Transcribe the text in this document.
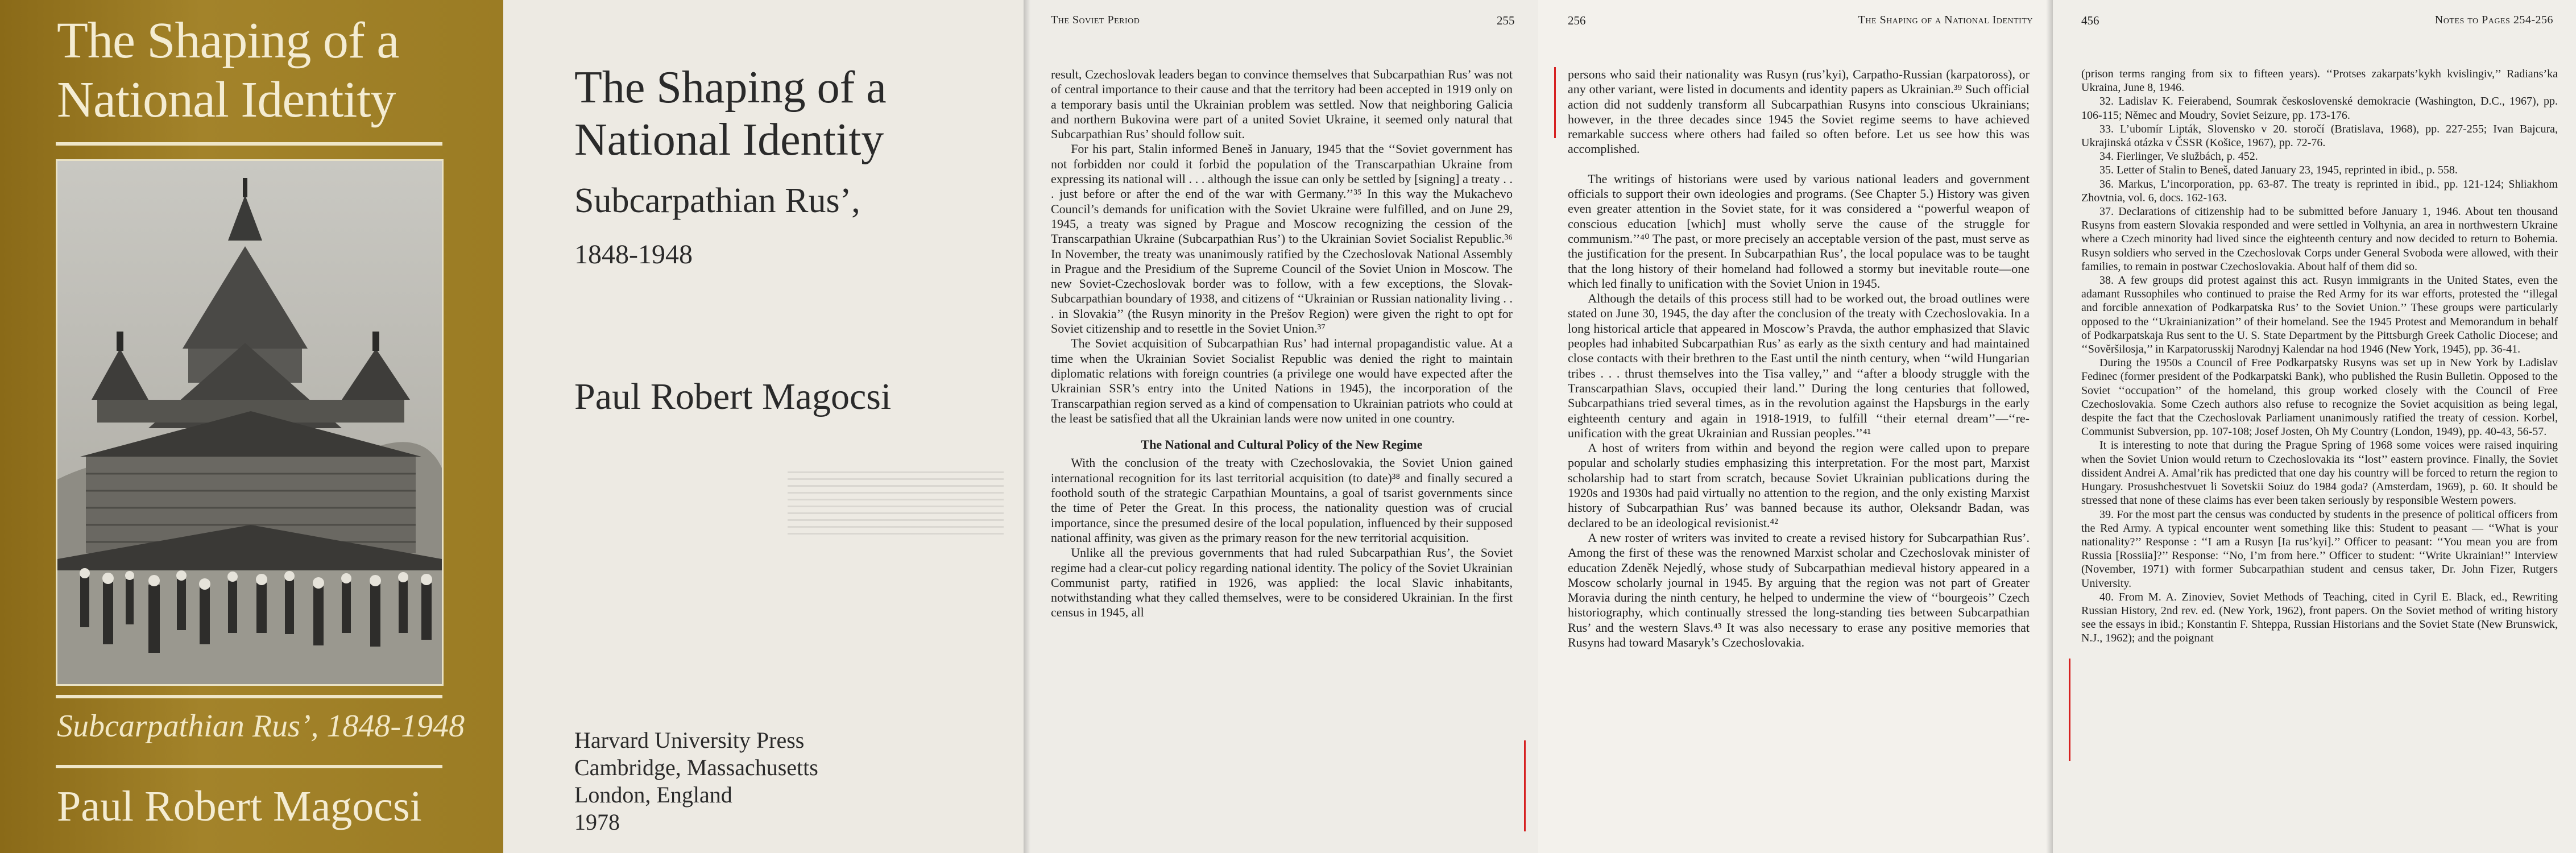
The Shaping of a National Identity
Subcarpathian Rus’, 1848-1948
Paul Robert Magocsi
The Shaping of a National Identity
Subcarpathian Rus’,
1848-1948
Paul Robert Magocsi
Harvard University Press
Cambridge, Massachusetts
London, England
1978
The Soviet Period	255

result, Czechoslovak leaders began to convince themselves that Subcarpathian Rus’ was not of central importance to their cause and that the territory had been accepted in 1919 only on a temporary basis until the Ukrainian problem was settled. Now that neighboring Galicia and northern Bukovina were part of a united Soviet Ukraine, it seemed only natural that Subcarpathian Rus’ should follow suit.

For his part, Stalin informed Beneš in January, 1945 that the ‘‘Soviet government has not forbidden nor could it forbid the population of the Transcarpathian Ukraine from expressing its national will . . . although the issue can only be settled by [signing] a treaty . . . just before or after the end of the war with Germany.’’³⁵ In this way the Mukachevo Council’s demands for unification with the Soviet Ukraine were fulfilled, and on June 29, 1945, a treaty was signed by Prague and Moscow recognizing the cession of the Transcarpathian Ukraine (Subcarpathian Rus’) to the Ukrainian Soviet Socialist Republic.³⁶ In November, the treaty was unanimously ratified by the Czechoslovak National Assembly in Prague and the Presidium of the Supreme Council of the Soviet Union in Moscow. The new Soviet-Czechoslovak border was to follow, with a few exceptions, the Slovak-Subcarpathian boundary of 1938, and citizens of ‘‘Ukrainian or Russian nationality living . . . in Slovakia’’ (the Rusyn minority in the Prešov Region) were given the right to opt for Soviet citizenship and to resettle in the Soviet Union.³⁷

The Soviet acquisition of Subcarpathian Rus’ had internal propagandistic value. At a time when the Ukrainian Soviet Socialist Republic was denied the right to maintain diplomatic relations with foreign countries (a privilege one would have expected after the Ukrainian SSR’s entry into the United Nations in 1945), the incorporation of the Transcarpathian region served as a kind of compensation to Ukrainian patriots who could at the least be satisfied that all the Ukrainian lands were now united in one country.

The National and Cultural Policy of the New Regime

With the conclusion of the treaty with Czechoslovakia, the Soviet Union gained international recognition for its last territorial acquisition (to date)³⁸ and finally secured a foothold south of the strategic Carpathian Mountains, a goal of tsarist governments since the time of Peter the Great. In this process, the nationality question was of crucial importance, since the presumed desire of the local population, influenced by their supposed national affinity, was given as the primary reason for the new territorial acquisition.

Unlike all the previous governments that had ruled Subcarpathian Rus’, the Soviet regime had a clear-cut policy regarding national identity. The policy of the Soviet Ukrainian Communist party, ratified in 1926, was applied: the local Slavic inhabitants, notwithstanding what they called themselves, were to be considered Ukrainian. In the first census in 1945, all

256	The Shaping of a National Identity

persons who said their nationality was Rusyn (rus’kyi), Carpatho-Russian (karpatoross), or any other variant, were listed in documents and identity papers as Ukrainian.³⁹ Such official action did not suddenly transform all Subcarpathian Rusyns into conscious Ukrainians; however, in the three decades since 1945 the Soviet regime seems to have achieved remarkable success where others had failed so often before. Let us see how this was accomplished.

The writings of historians were used by various national leaders and government officials to support their own ideologies and programs. (See Chapter 5.) History was given even greater attention in the Soviet state, for it was considered a ‘‘powerful weapon of conscious education [which] must wholly serve the cause of the struggle for communism.’’⁴⁰ The past, or more precisely an acceptable version of the past, must serve as the justification for the present. In Subcarpathian Rus’, the local populace was to be taught that the long history of their homeland had followed a stormy but inevitable route—one which led finally to unification with the Soviet Union in 1945.

Although the details of this process still had to be worked out, the broad outlines were stated on June 30, 1945, the day after the conclusion of the treaty with Czechoslovakia. In a long historical article that appeared in Moscow’s Pravda, the author emphasized that Slavic peoples had inhabited Subcarpathian Rus’ as early as the sixth century and had maintained close contacts with their brethren to the East until the ninth century, when ‘‘wild Hungarian tribes . . . thrust themselves into the Tisa valley,’’ and ‘‘after a bloody struggle with the Transcarpathian Slavs, occupied their land.’’ During the long centuries that followed, Subcarpathians tried several times, as in the revolution against the Hapsburgs in the early eighteenth century and again in 1918-1919, to fulfill ‘‘their eternal dream’’—‘‘re-unification with the great Ukrainian and Russian peoples.’’⁴¹

A host of writers from within and beyond the region were called upon to prepare popular and scholarly studies emphasizing this interpretation. For the most part, Marxist scholarship had to start from scratch, because Soviet Ukrainian publications during the 1920s and 1930s had paid virtually no attention to the region, and the only existing Marxist history of Subcarpathian Rus’ was banned because its author, Oleksandr Badan, was declared to be an ideological revisionist.⁴²

A new roster of writers was invited to create a revised history for Subcarpathian Rus’. Among the first of these was the renowned Marxist scholar and Czechoslovak minister of education Zdeněk Nejedlý, whose study of Subcarpathian medieval history appeared in a Moscow scholarly journal in 1945. By arguing that the region was not part of Greater Moravia during the ninth century, he helped to undermine the view of ‘‘bourgeois’’ Czech historiography, which continually stressed the long-standing ties between Subcarpathian Rus’ and the western Slavs.⁴³ It was also necessary to erase any positive memories that Rusyns had toward Masaryk’s Czechoslovakia.

456	Notes to Pages 254-256

(prison terms ranging from six to fifteen years). ‘‘Protses zakarpats’kykh kvislingiv,’’ Radians’ka Ukraina, June 8, 1946.

32. Ladislav K. Feierabend, Soumrak československé demokracie (Washington, D.C., 1967), pp. 106-115; Němec and Moudry, Soviet Seizure, pp. 173-176.

33. L’ubomír Lipták, Slovensko v 20. storočí (Bratislava, 1968), pp. 227-255; Ivan Bajcura, Ukrajinská otázka v ČSSR (Košice, 1967), pp. 72-76.

34. Fierlinger, Ve službách, p. 452.

35. Letter of Stalin to Beneš, dated January 23, 1945, reprinted in ibid., p. 558.

36. Markus, L’incorporation, pp. 63-87. The treaty is reprinted in ibid., pp. 121-124; Shliakhom Zhovtnia, vol. 6, docs. 162-163.

37. Declarations of citizenship had to be submitted before January 1, 1946. About ten thousand Rusyns from eastern Slovakia responded and were settled in Volhynia, an area in northwestern Ukraine where a Czech minority had lived since the eighteenth century and now decided to return to Bohemia. Rusyn soldiers who served in the Czechoslovak Corps under General Svoboda were allowed, with their families, to remain in postwar Czechoslovakia. About half of them did so.

38. A few groups did protest against this act. Rusyn immigrants in the United States, even the adamant Russophiles who continued to praise the Red Army for its war efforts, protested the ‘‘illegal and forcible annexation of Podkarpatska Rus’ to the Soviet Union.’’ These groups were particularly opposed to the ‘‘Ukrainianization’’ of their homeland. See the 1945 Protest and Memorandum in behalf of Podkarpatskaja Rus sent to the U. S. State Department by the Pittsburgh Greek Catholic Diocese; and ‘‘Sověršilosja,’’ in Karpatorusskij Narodnyj Kalendar na hod 1946 (New York, 1945), pp. 36-41.

During the 1950s a Council of Free Podkarpatsky Rusyns was set up in New York by Ladislav Fedinec (former president of the Podkarpatski Bank), who published the Rusin Bulletin. Opposed to the Soviet ‘‘occupation’’ of the homeland, this group worked closely with the Council of Free Czechoslovakia. Some Czech authors also refuse to recognize the Soviet acquisition as being legal, despite the fact that the Czechoslovak Parliament unanimously ratified the treaty of cession. Korbel, Communist Subversion, pp. 107-108; Josef Josten, Oh My Country (London, 1949), pp. 40-43, 56-57.

It is interesting to note that during the Prague Spring of 1968 some voices were raised inquiring when the Soviet Union would return to Czechoslovakia its ‘‘lost’’ eastern province. Finally, the Soviet dissident Andrei A. Amal’rik has predicted that one day his country will be forced to return the region to Hungary. Prosushchestvuet li Sovetskii Soiuz do 1984 goda? (Amsterdam, 1969), p. 60. It should be stressed that none of these claims has ever been taken seriously by responsible Western powers.

39. For the most part the census was conducted by students in the presence of political officers from the Red Army. A typical encounter went something like this: Student to peasant — ‘‘What is your nationality?’’ Response : ‘‘I am a Rusyn [Ia rus’kyi].’’ Officer to peasant: ‘‘You mean you are from Russia [Rossiia]?’’ Response: ‘‘No, I’m from here.’’ Officer to student: ‘‘Write Ukrainian!’’ Interview (November, 1971) with former Subcarpathian student and census taker, Dr. John Fizer, Rutgers University.

40. From M. A. Zinoviev, Soviet Methods of Teaching, cited in Cyril E. Black, ed., Rewriting Russian History, 2nd rev. ed. (New York, 1962), front papers. On the Soviet method of writing history see the essays in ibid.; Konstantin F. Shteppa, Russian Historians and the Soviet State (New Brunswick, N.J., 1962); and the poignant
